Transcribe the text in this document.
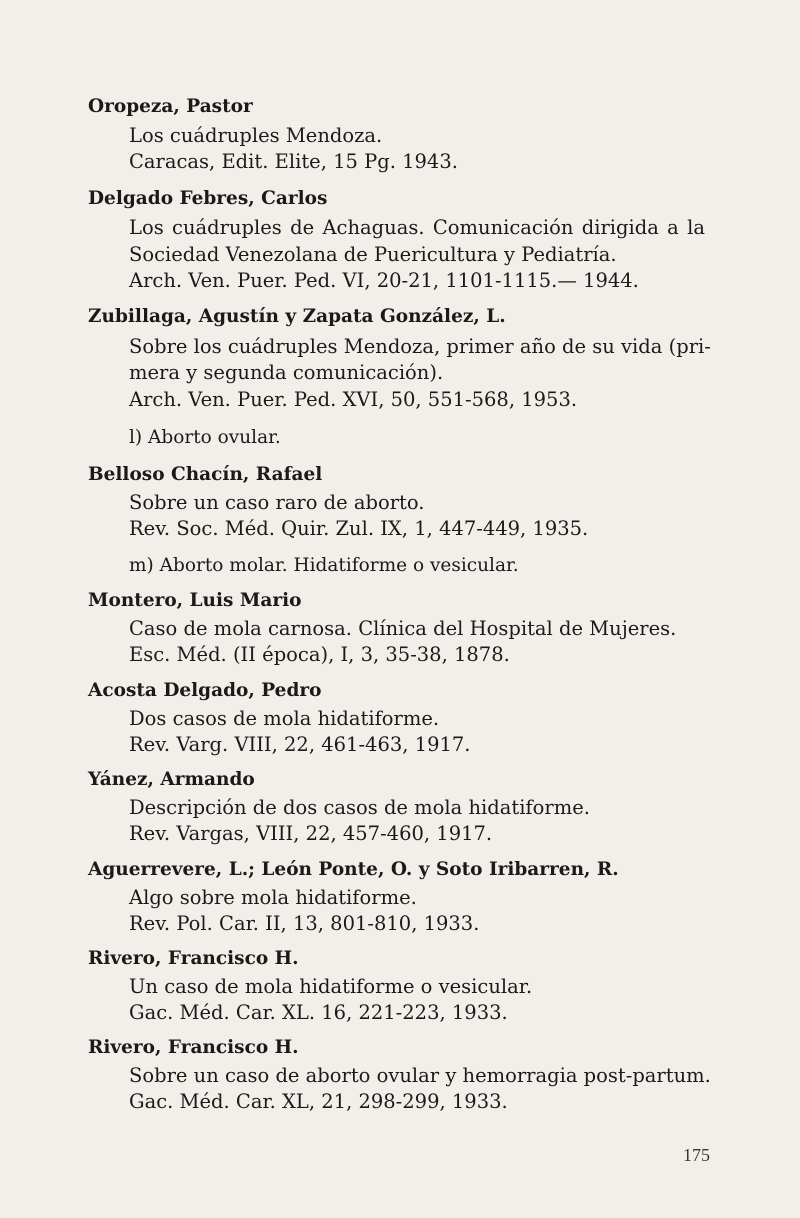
Oropeza, Pastor
Los cuádruples Mendoza.
Caracas, Edit. Elite, 15 Pg. 1943.
Delgado Febres, Carlos
Los cuádruples de Achaguas. Comunicación dirigida a la
Sociedad Venezolana de Puericultura y Pediatría.
Arch. Ven. Puer. Ped. VI, 20-21, 1101-1115.— 1944.
Zubillaga, Agustín y Zapata González, L.
Sobre los cuádruples Mendoza, primer año de su vida (pri-
mera y segunda comunicación).
Arch. Ven. Puer. Ped. XVI, 50, 551-568, 1953.
l) Aborto ovular.
Belloso Chacín, Rafael
Sobre un caso raro de aborto.
Rev. Soc. Méd. Quir. Zul. IX, 1, 447-449, 1935.
m) Aborto molar. Hidatiforme o vesicular.
Montero, Luis Mario
Caso de mola carnosa. Clínica del Hospital de Mujeres.
Esc. Méd. (II época), I, 3, 35-38, 1878.
Acosta Delgado, Pedro
Dos casos de mola hidatiforme.
Rev. Varg. VIII, 22, 461-463, 1917.
Yánez, Armando
Descripción de dos casos de mola hidatiforme.
Rev. Vargas, VIII, 22, 457-460, 1917.
Aguerrevere, L.; León Ponte, O. y Soto Iribarren, R.
Algo sobre mola hidatiforme.
Rev. Pol. Car. II, 13, 801-810, 1933.
Rivero, Francisco H.
Un caso de mola hidatiforme o vesicular.
Gac. Méd. Car. XL. 16, 221-223, 1933.
Rivero, Francisco H.
Sobre un caso de aborto ovular y hemorragia post-partum.
Gac. Méd. Car. XL, 21, 298-299, 1933.
175
